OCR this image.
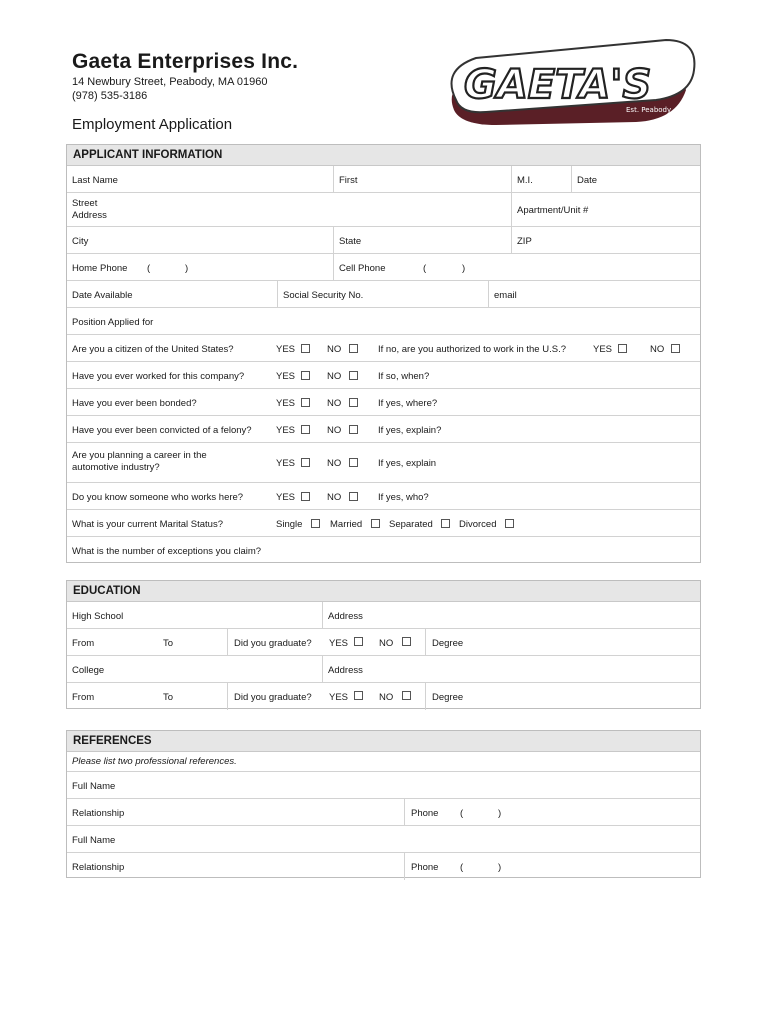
Gaeta Enterprises Inc.
14 Newbury Street, Peabody, MA 01960
(978) 535-3186
Employment Application
GAETA'S
Est. Peabody
APPLICANT INFORMATION
Last Name	First	M.I.	Date
Street
Address	Apartment/Unit #
City	State	ZIP
Home Phone (	)	Cell Phone	(	)
Date Available	Social Security No.	email
Position Applied for
Are you a citizen of the United States?	YES	NO	If no, are you authorized to work in the U.S.?	YES	NO
Have you ever worked for this company?	YES	NO	If so, when?
Have you ever been bonded?	YES	NO	If yes, where?
Have you ever been convicted of a felony?	YES	NO	If yes, explain?
Are you planning a career in the
automotive industry?	YES	NO	If yes, explain
Do you know someone who works here?	YES	NO	If yes, who?
What is your current Marital Status?	Single	Married	Separated	Divorced
What is the number of exceptions you claim?
EDUCATION
High School	Address
From	To	Did you graduate? YES	NO	Degree
College	Address
From	To	Did you graduate? YES	NO	Degree
REFERENCES
Please list two professional references.
Full Name
Relationship	Phone (	)
Full Name
Relationship	Phone (	)
